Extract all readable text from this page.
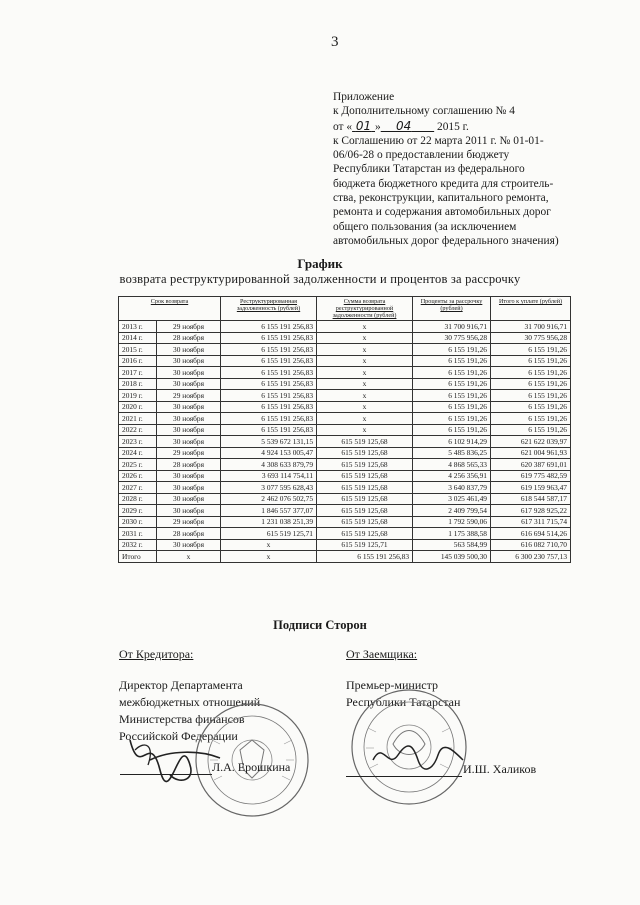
3
Приложение
к Дополнительному соглашению № 4
от « 01 » 04 2015 г.
к Соглашению от 22 марта 2011 г. № 01-01-
06/06-28 о предоставлении бюджету
Республики Татарстан из федерального
бюджета бюджетного кредита для строитель-
ства, реконструкции, капитального ремонта,
ремонта и содержания автомобильных дорог
общего пользования (за исключением
автомобильных дорог федерального значения)
График
возврата реструктурированной задолженности и процентов за рассрочку
Срок возврата		Реструктурированная задолженность (рублей)	Сумма возврата реструктурированной задолженности (рублей)	Проценты за рассрочку (рублей)	Итого к уплате (рублей)
2013 г.	29 ноября	6 155 191 256,83	x	31 700 916,71	31 700 916,71
2014 г.	28 ноября	6 155 191 256,83	x	30 775 956,28	30 775 956,28
2015 г.	30 ноября	6 155 191 256,83	x	6 155 191,26	6 155 191,26
2016 г.	30 ноября	6 155 191 256,83	x	6 155 191,26	6 155 191,26
2017 г.	30 ноября	6 155 191 256,83	x	6 155 191,26	6 155 191,26
2018 г.	30 ноября	6 155 191 256,83	x	6 155 191,26	6 155 191,26
2019 г.	29 ноября	6 155 191 256,83	x	6 155 191,26	6 155 191,26
2020 г.	30 ноября	6 155 191 256,83	x	6 155 191,26	6 155 191,26
2021 г.	30 ноября	6 155 191 256,83	x	6 155 191,26	6 155 191,26
2022 г.	30 ноября	6 155 191 256,83	x	6 155 191,26	6 155 191,26
2023 г.	30 ноября	5 539 672 131,15	615 519 125,68	6 102 914,29	621 622 039,97
2024 г.	29 ноября	4 924 153 005,47	615 519 125,68	5 485 836,25	621 004 961,93
2025 г.	28 ноября	4 308 633 879,79	615 519 125,68	4 868 565,33	620 387 691,01
2026 г.	30 ноября	3 693 114 754,11	615 519 125,68	4 256 356,91	619 775 482,59
2027 г.	30 ноября	3 077 595 628,43	615 519 125,68	3 640 837,79	619 159 963,47
2028 г.	30 ноября	2 462 076 502,75	615 519 125,68	3 025 461,49	618 544 587,17
2029 г.	30 ноября	1 846 557 377,07	615 519 125,68	2 409 799,54	617 928 925,22
2030 г.	29 ноября	1 231 038 251,39	615 519 125,68	1 792 590,06	617 311 715,74
2031 г.	28 ноября	615 519 125,71	615 519 125,68	1 175 388,58	616 694 514,26
2032 г.	30 ноября	x	615 519 125,71	563 584,99	616 082 710,70
Итого	x	x	6 155 191 256,83	145 039 500,30	6 300 230 757,13
Подписи Сторон
От Кредитора:
Директор Департамента
межбюджетных отношений
Министерства финансов
Российской Федерации
От Заемщика:
Премьер-министр
Республики Татарстан
Л.А. Ерошкина	И.Ш. Халиков
